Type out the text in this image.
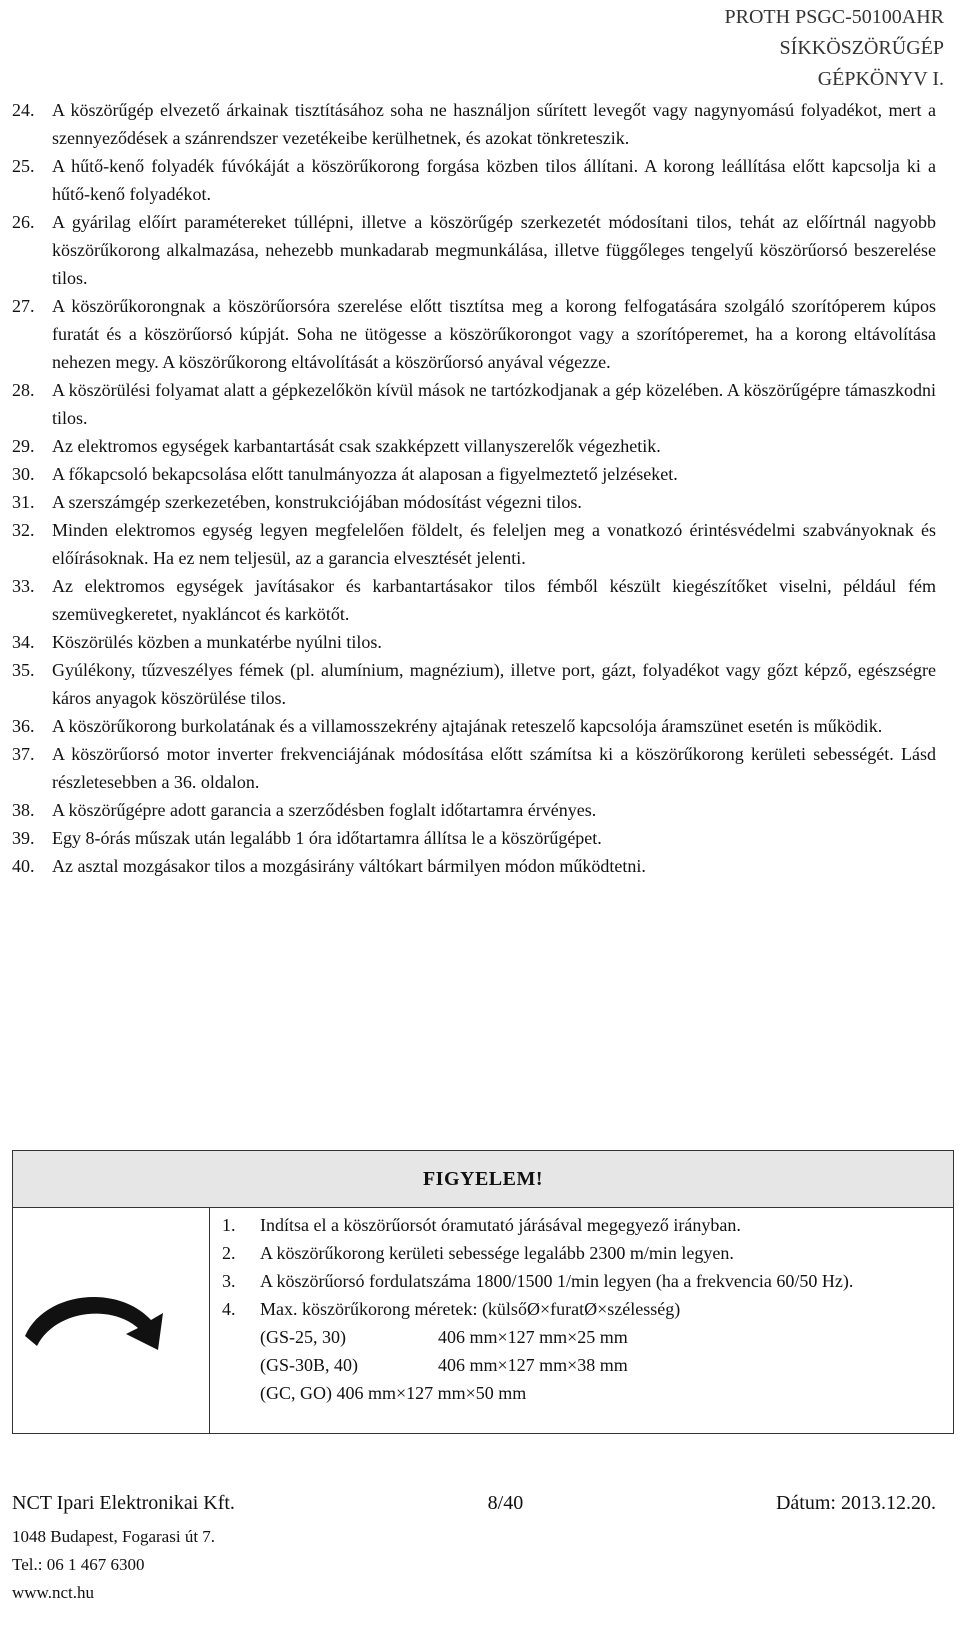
PROTH PSGC-50100AHR
SÍKKÖSZÖRŰGÉP
GÉPKÖNYV I.
24. A köszörűgép elvezető árkainak tisztításához soha ne használjon sűrített levegőt vagy nagynyomású folyadékot, mert a szennyeződések a szánrendszer vezetékeibe kerülhetnek, és azokat tönkreteszik.
25. A hűtő-kenő folyadék fúvókáját a köszörűkorong forgása közben tilos állítani. A korong leállítása előtt kapcsolja ki a hűtő-kenő folyadékot.
26. A gyárilag előírt paramétereket túllépni, illetve a köszörűgép szerkezetét módosítani tilos, tehát az előírtnál nagyobb köszörűkorong alkalmazása, nehezebb munkadarab megmunkálása, illetve függőleges tengelyű köszörűorsó beszerelése tilos.
27. A köszörűkorongnak a köszörűorsóra szerelése előtt tisztítsa meg a korong felfogatására szolgáló szorítóperem kúpos furatát és a köszörűorsó kúpját. Soha ne ütögesse a köszörűkorongot vagy a szorítóperemet, ha a korong eltávolítása nehezen megy. A köszörűkorong eltávolítását a köszörűorsó anyával végezze.
28. A köszörülési folyamat alatt a gépkezelőkön kívül mások ne tartózkodjanak a gép közelében. A köszörűgépre támaszkodni tilos.
29. Az elektromos egységek karbantartását csak szakképzett villanyszerelők végezhetik.
30. A főkapcsoló bekapcsolása előtt tanulmányozza át alaposan a figyelmeztető jelzéseket.
31. A szerszámgép szerkezetében, konstrukciójában módosítást végezni tilos.
32. Minden elektromos egység legyen megfelelően földelt, és feleljen meg a vonatkozó érintésvédelmi szabványoknak és előírásoknak. Ha ez nem teljesül, az a garancia elvesztését jelenti.
33. Az elektromos egységek javításakor és karbantartásakor tilos fémből készült kiegészítőket viselni, például fém szemüvegkeretet, nyakláncot és karkötőt.
34. Köszörülés közben a munkatérbe nyúlni tilos.
35. Gyúlékony, tűzveszélyes fémek (pl. alumínium, magnézium), illetve port, gázt, folyadékot vagy gőzt képző, egészségre káros anyagok köszörülése tilos.
36. A köszörűkorong burkolatának és a villamosszekrény ajtajának reteszelő kapcsolója áramszünet esetén is működik.
37. A köszörűorsó motor inverter frekvenciájának módosítása előtt számítsa ki a köszörűkorong kerületi sebességét. Lásd részletesebben a 36. oldalon.
38. A köszörűgépre adott garancia a szerződésben foglalt időtartamra érvényes.
39. Egy 8-órás műszak után legalább 1 óra időtartamra állítsa le a köszörűgépet.
40. Az asztal mozgásakor tilos a mozgásirány váltókart bármilyen módon működtetni.
FIGYELEM!
1.	Indítsa el a köszörűorsót óramutató járásával megegyező irányban.
2.	A köszörűkorong kerületi sebessége legalább 2300 m/min legyen.
3.	A köszörűorsó fordulatszáma 1800/1500 1/min legyen (ha a frekvencia 60/50 Hz).
4.	Max. köszörűkorong méretek: (külsőØ×furatØ×szélesség)
(GS-25, 30)	406 mm×127 mm×25 mm
(GS-30B, 40)	406 mm×127 mm×38 mm
(GC, GO) 406 mm×127 mm×50 mm
NCT Ipari Elektronikai Kft.	8/40	Dátum: 2013.12.20.
1048 Budapest, Fogarasi út 7.
Tel.: 06 1 467 6300
www.nct.hu
